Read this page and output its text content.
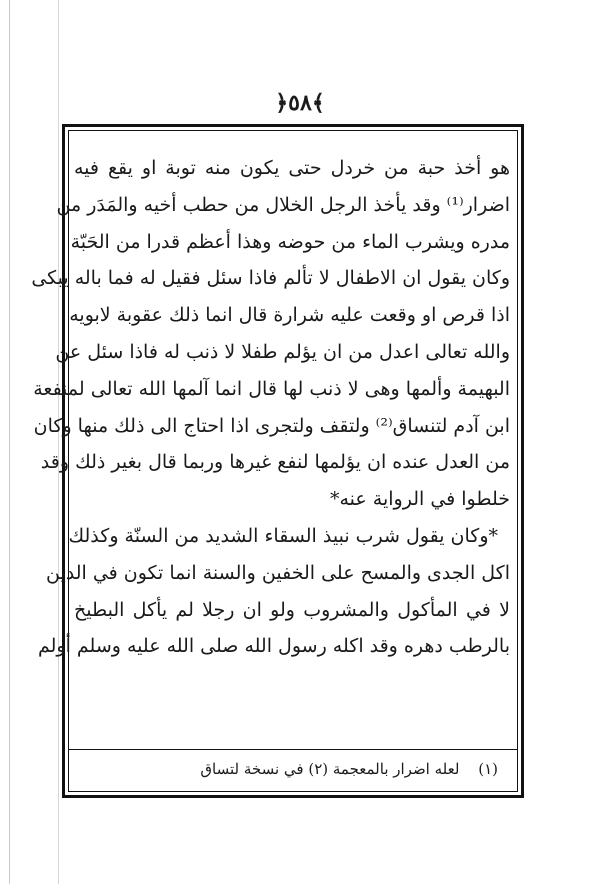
﴿٥٨﴾
هو أخذ حبة من خردل حتى يكون منه توبة او يقع فيه
اضرار⁽¹⁾ وقد يأخذ الرجل الخلال من حطب أخيه والمَدَر من
مدره ويشرب الماء من حوضه وهذا أعظم قدرا من الحَبّة
وكان يقول ان الاطفال لا تألم فاذا سئل فقيل له فما باله يبكى
اذا قرص او وقعت عليه شرارة قال انما ذلك عقوبة لابويه
والله تعالى اعدل من ان يؤلم طفلا لا ذنب له فاذا سئل عن
البهيمة وألمها وهى لا ذنب لها قال انما آلمها الله تعالى لمنفعة
ابن آدم لتنساق⁽²⁾ ولتقف ولتجرى اذا احتاج الى ذلك منها وكان
من العدل عنده ان يؤلمها لنفع غيرها وربما قال بغير ذلك وقد
خلطوا في الرواية عنه*
*وكان يقول شرب نبيذ السقاء الشديد من السنّة وكذلك
اكل الجدى والمسح على الخفين والسنة انما تكون في الدين
لا في المأكول والمشروب ولو ان رجلا لم يأكل البطيخ
بالرطب دهره وقد اكله رسول الله صلى الله عليه وسلم أولم
(١) لعله اضرار بالمعجمة (٢) في نسخة لتساق
